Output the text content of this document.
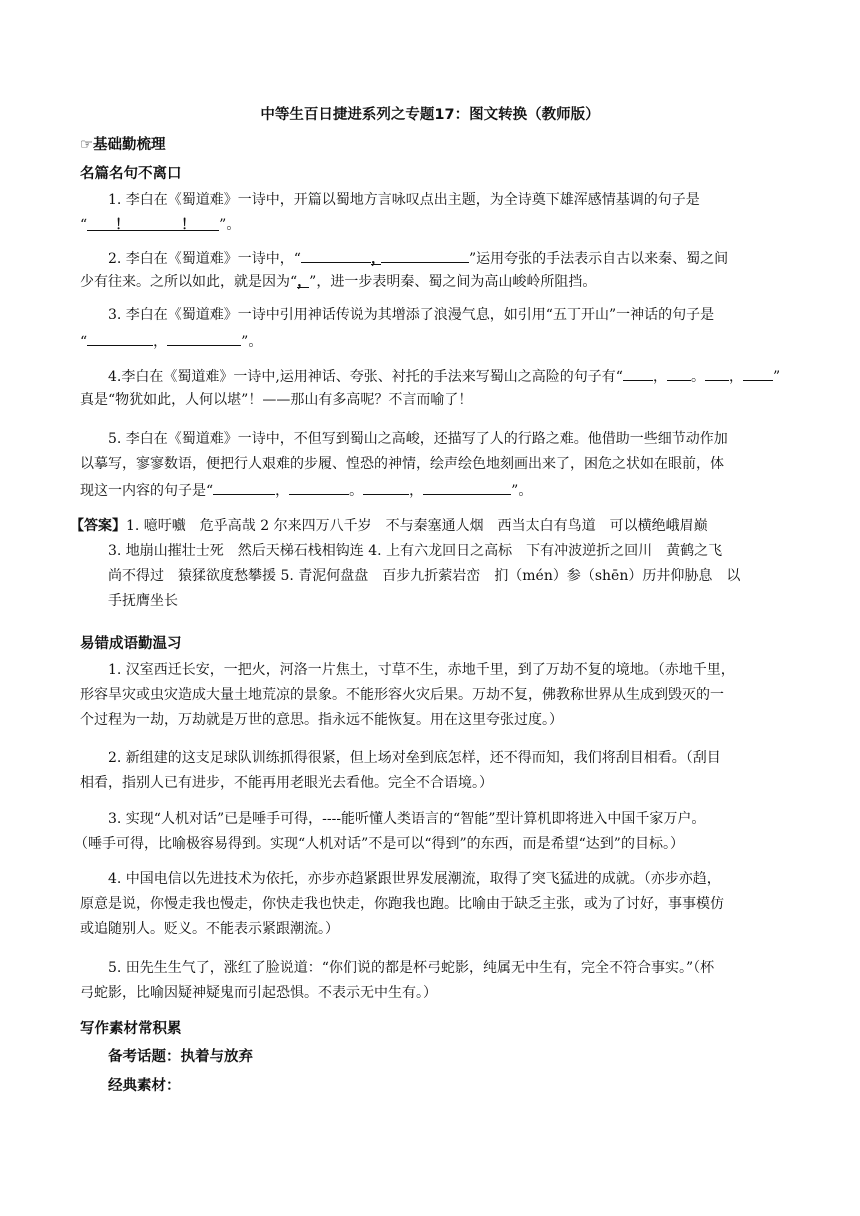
中等生百日捷进系列之专题17：图文转换（教师版）
☞基础勤梳理
名篇名句不离口
1. 李白在《蜀道难》一诗中，开篇以蜀地方言咏叹点出主题，为全诗奠下雄浑感情基调的句子是
“ ！	！ ”。
2. 李白在《蜀道难》一诗中，“	，	”运用夸张的手法表示自古以来秦、蜀之间
少有往来。之所以如此，就是因为“，”，进一步表明秦、蜀之间为高山峻岭所阻挡。
3. 李白在《蜀道难》一诗中引用神话传说为其增添了浪漫气息，如引用“五丁开山”一神话的句子是
“	，	”。
4.李白在《蜀道难》一诗中,运用神话、夸张、衬托的手法来写蜀山之高险的句子有“ ， 。 ， ”
真是“物犹如此，人何以堪”！——那山有多高呢？不言而喻了！
5. 李白在《蜀道难》一诗中，不但写到蜀山之高峻，还描写了人的行路之难。他借助一些细节动作加
以摹写，寥寥数语，便把行人艰难的步履、惶恐的神情，绘声绘色地刻画出来了，困危之状如在眼前，体
现这一内容的句子是“	，	。	，	”。
【答案】1. 噫吁嚱　危乎高哉 2 尔来四万八千岁　不与秦塞通人烟　西当太白有鸟道　可以横绝峨眉巅
3. 地崩山摧壮士死　然后天梯石栈相钩连 4. 上有六龙回日之高标　下有冲波逆折之回川　黄鹤之飞
尚不得过　猿猱欲度愁攀援 5. 青泥何盘盘　百步九折萦岩峦　扪（mén）参（shēn）历井仰胁息　以
手抚膺坐长
易错成语勤温习
1. 汉室西迁长安，一把火，河洛一片焦土，寸草不生，赤地千里，到了万劫不复的境地。（赤地千里，
形容旱灾或虫灾造成大量土地荒凉的景象。不能形容火灾后果。万劫不复，佛教称世界从生成到毁灭的一
个过程为一劫，万劫就是万世的意思。指永远不能恢复。用在这里夸张过度。）
2. 新组建的这支足球队训练抓得很紧，但上场对垒到底怎样，还不得而知，我们将刮目相看。（刮目
相看，指别人已有进步，不能再用老眼光去看他。完全不合语境。）
3. 实现“人机对话”已是唾手可得，----能听懂人类语言的“智能”型计算机即将进入中国千家万户。
（唾手可得，比喻极容易得到。实现“人机对话”不是可以“得到”的东西，而是希望“达到”的目标。）
4. 中国电信以先进技术为依托，亦步亦趋紧跟世界发展潮流，取得了突飞猛进的成就。（亦步亦趋，
原意是说，你慢走我也慢走，你快走我也快走，你跑我也跑。比喻由于缺乏主张，或为了讨好，事事模仿
或追随别人。贬义。不能表示紧跟潮流。）
5. 田先生生气了，涨红了脸说道：“你们说的都是杯弓蛇影，纯属无中生有，完全不符合事实。”（杯
弓蛇影，比喻因疑神疑鬼而引起恐惧。不表示无中生有。）
写作素材常积累
备考话题：执着与放弃
经典素材：
